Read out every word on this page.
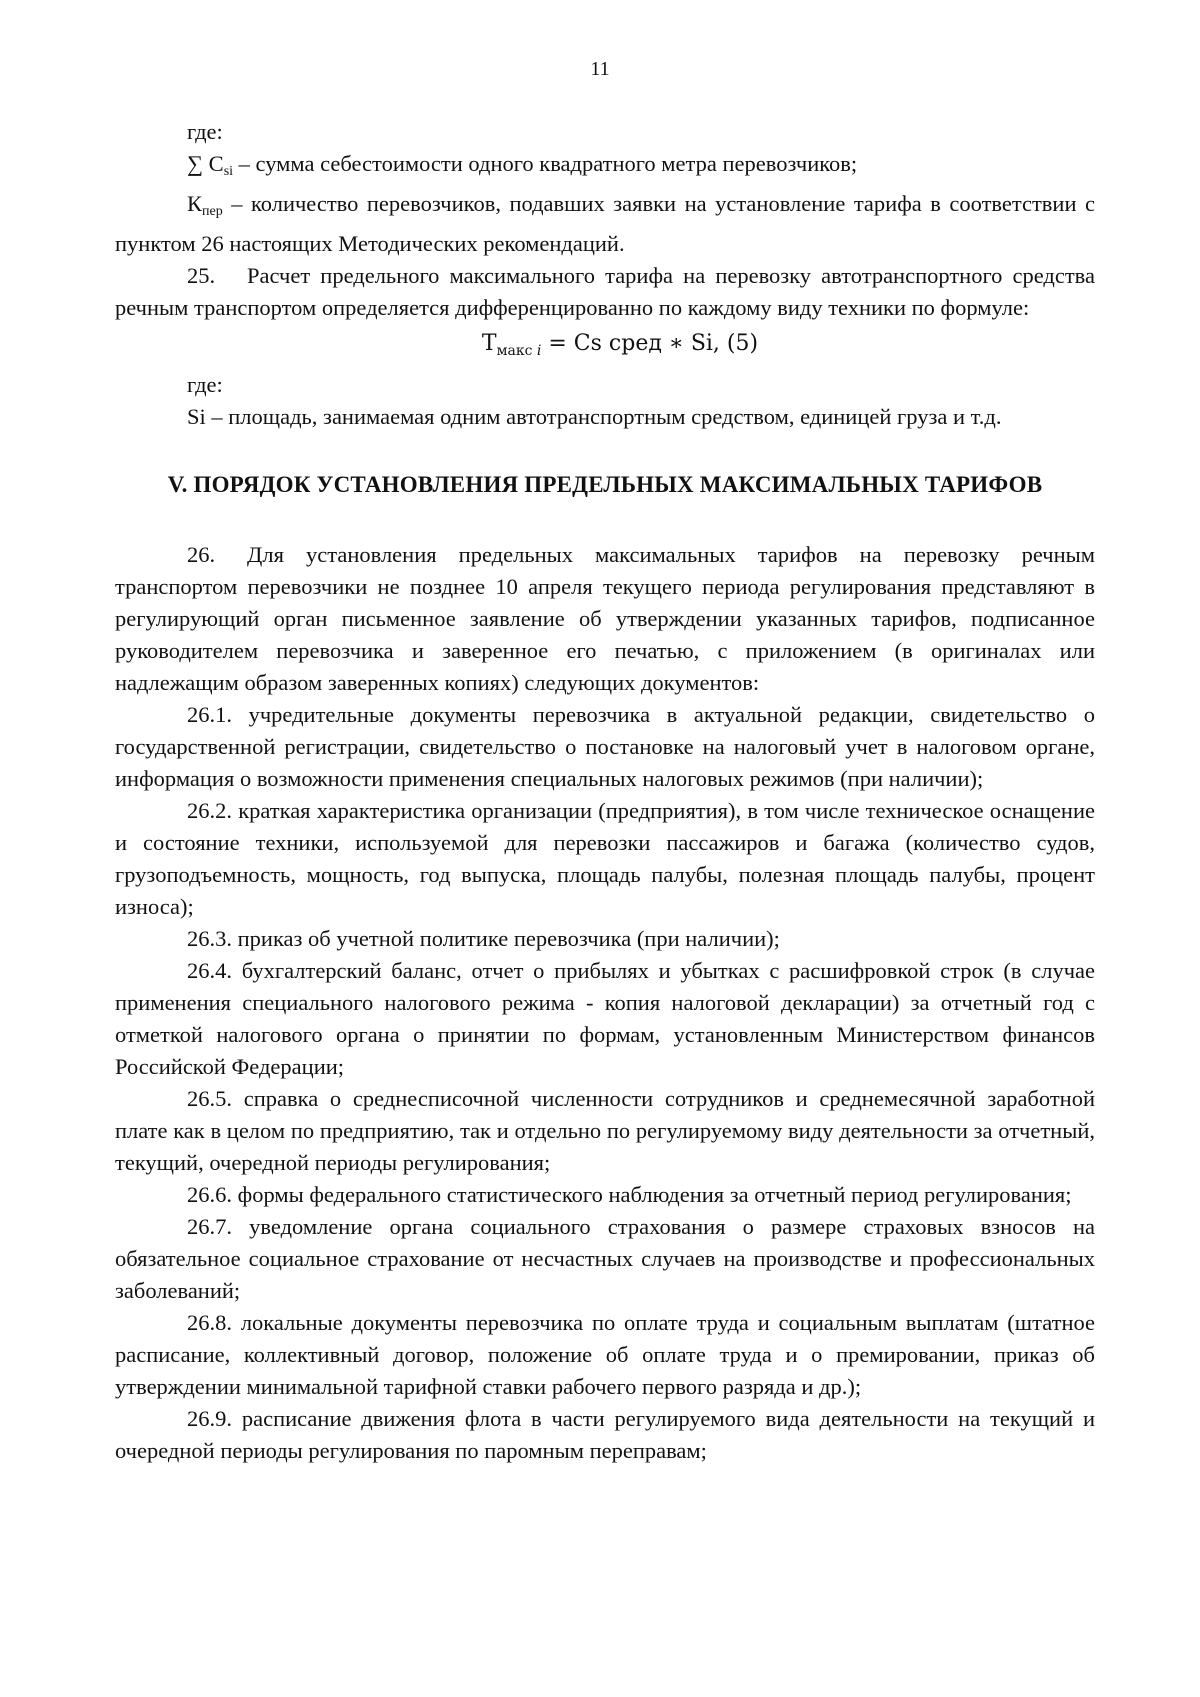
11

где:

∑ $C_{si}$ – сумма себестоимости одного квадратного метра перевозчиков;

$К_{пер}$ – количество перевозчиков, подавших заявки на установление тарифа в соответствии с пунктом 26 настоящих Методических рекомендаций.

25. Расчет предельного максимального тарифа на перевозку автотранспортного средства речным транспортом определяется дифференцированно по каждому виду техники по формуле:

$Т_{макс i} = Cs$ сред ∗ Si, (5)

где:

Si – площадь, занимаемая одним автотранспортным средством, единицей груза и т.д.

V. ПОРЯДОК УСТАНОВЛЕНИЯ ПРЕДЕЛЬНЫХ МАКСИМАЛЬНЫХ ТАРИФОВ

26. Для установления предельных максимальных тарифов на перевозку речным транспортом перевозчики не позднее 10 апреля текущего периода регулирования представляют в регулирующий орган письменное заявление об утверждении указанных тарифов, подписанное руководителем перевозчика и заверенное его печатью, с приложением (в оригиналах или надлежащим образом заверенных копиях) следующих документов:

26.1. учредительные документы перевозчика в актуальной редакции, свидетельство о государственной регистрации, свидетельство о постановке на налоговый учет в налоговом органе, информация о возможности применения специальных налоговых режимов (при наличии);

26.2. краткая характеристика организации (предприятия), в том числе техническое оснащение и состояние техники, используемой для перевозки пассажиров и багажа (количество судов, грузоподъемность, мощность, год выпуска, площадь палубы, полезная площадь палубы, процент износа);

26.3. приказ об учетной политике перевозчика (при наличии);

26.4. бухгалтерский баланс, отчет о прибылях и убытках с расшифровкой строк (в случае применения специального налогового режима - копия налоговой декларации) за отчетный год с отметкой налогового органа о принятии по формам, установленным Министерством финансов Российской Федерации;

26.5. справка о среднесписочной численности сотрудников и среднемесячной заработной плате как в целом по предприятию, так и отдельно по регулируемому виду деятельности за отчетный, текущий, очередной периоды регулирования;

26.6. формы федерального статистического наблюдения за отчетный период регулирования;

26.7. уведомление органа социального страхования о размере страховых взносов на обязательное социальное страхование от несчастных случаев на производстве и профессиональных заболеваний;

26.8. локальные документы перевозчика по оплате труда и социальным выплатам (штатное расписание, коллективный договор, положение об оплате труда и о премировании, приказ об утверждении минимальной тарифной ставки рабочего первого разряда и др.);

26.9. расписание движения флота в части регулируемого вида деятельности на текущий и очередной периоды регулирования по паромным переправам;
